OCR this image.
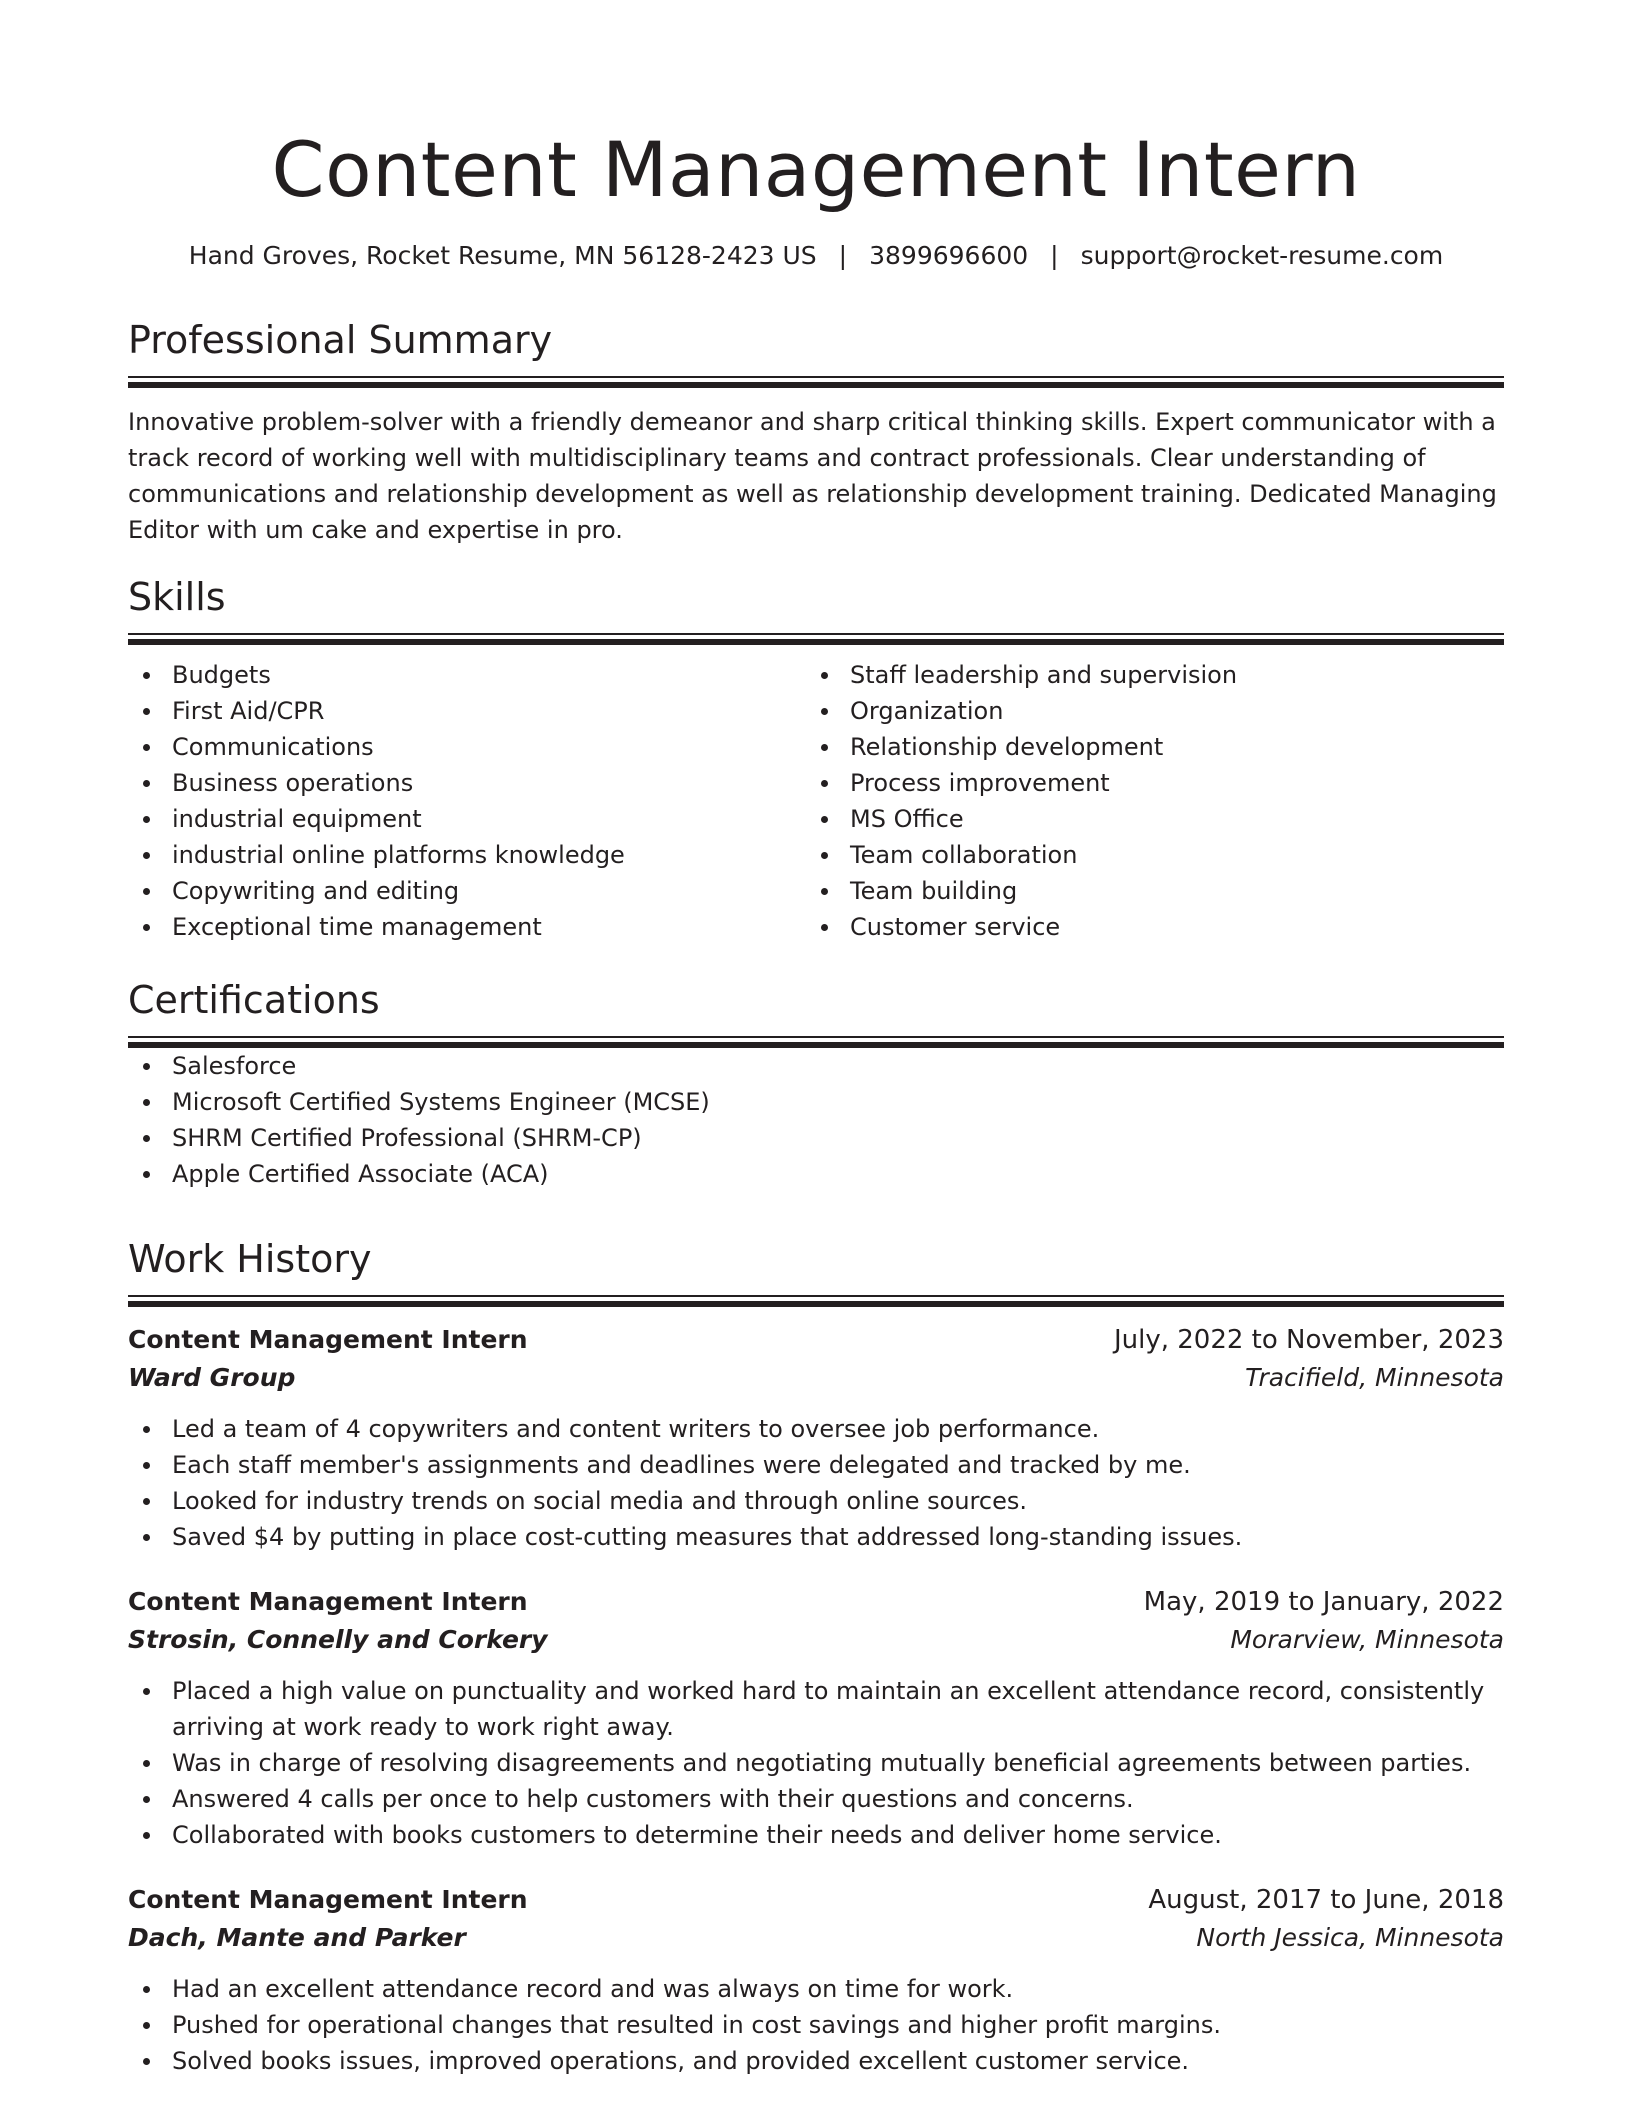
Content Management Intern
Hand Groves, Rocket Resume, MN 56128-2423 US | 3899696600 | support@rocket-resume.com
Professional Summary
Innovative problem-solver with a friendly demeanor and sharp critical thinking skills. Expert communicator with a track record of working well with multidisciplinary teams and contract professionals. Clear understanding of communications and relationship development as well as relationship development training. Dedicated Managing Editor with um cake and expertise in pro.
Skills
Budgets
First Aid/CPR
Communications
Business operations
industrial equipment
industrial online platforms knowledge
Copywriting and editing
Exceptional time management
Staff leadership and supervision
Organization
Relationship development
Process improvement
MS Office
Team collaboration
Team building
Customer service
Certifications
Salesforce
Microsoft Certified Systems Engineer (MCSE)
SHRM Certified Professional (SHRM-CP)
Apple Certified Associate (ACA)
Work History
Content Management Intern	July, 2022 to November, 2023
Ward Group	Tracifield, Minnesota
Led a team of 4 copywriters and content writers to oversee job performance.
Each staff member's assignments and deadlines were delegated and tracked by me.
Looked for industry trends on social media and through online sources.
Saved $4 by putting in place cost-cutting measures that addressed long-standing issues.
Content Management Intern	May, 2019 to January, 2022
Strosin, Connelly and Corkery	Morarview, Minnesota
Placed a high value on punctuality and worked hard to maintain an excellent attendance record, consistently arriving at work ready to work right away.
Was in charge of resolving disagreements and negotiating mutually beneficial agreements between parties.
Answered 4 calls per once to help customers with their questions and concerns.
Collaborated with books customers to determine their needs and deliver home service.
Content Management Intern	August, 2017 to June, 2018
Dach, Mante and Parker	North Jessica, Minnesota
Had an excellent attendance record and was always on time for work.
Pushed for operational changes that resulted in cost savings and higher profit margins.
Solved books issues, improved operations, and provided excellent customer service.
